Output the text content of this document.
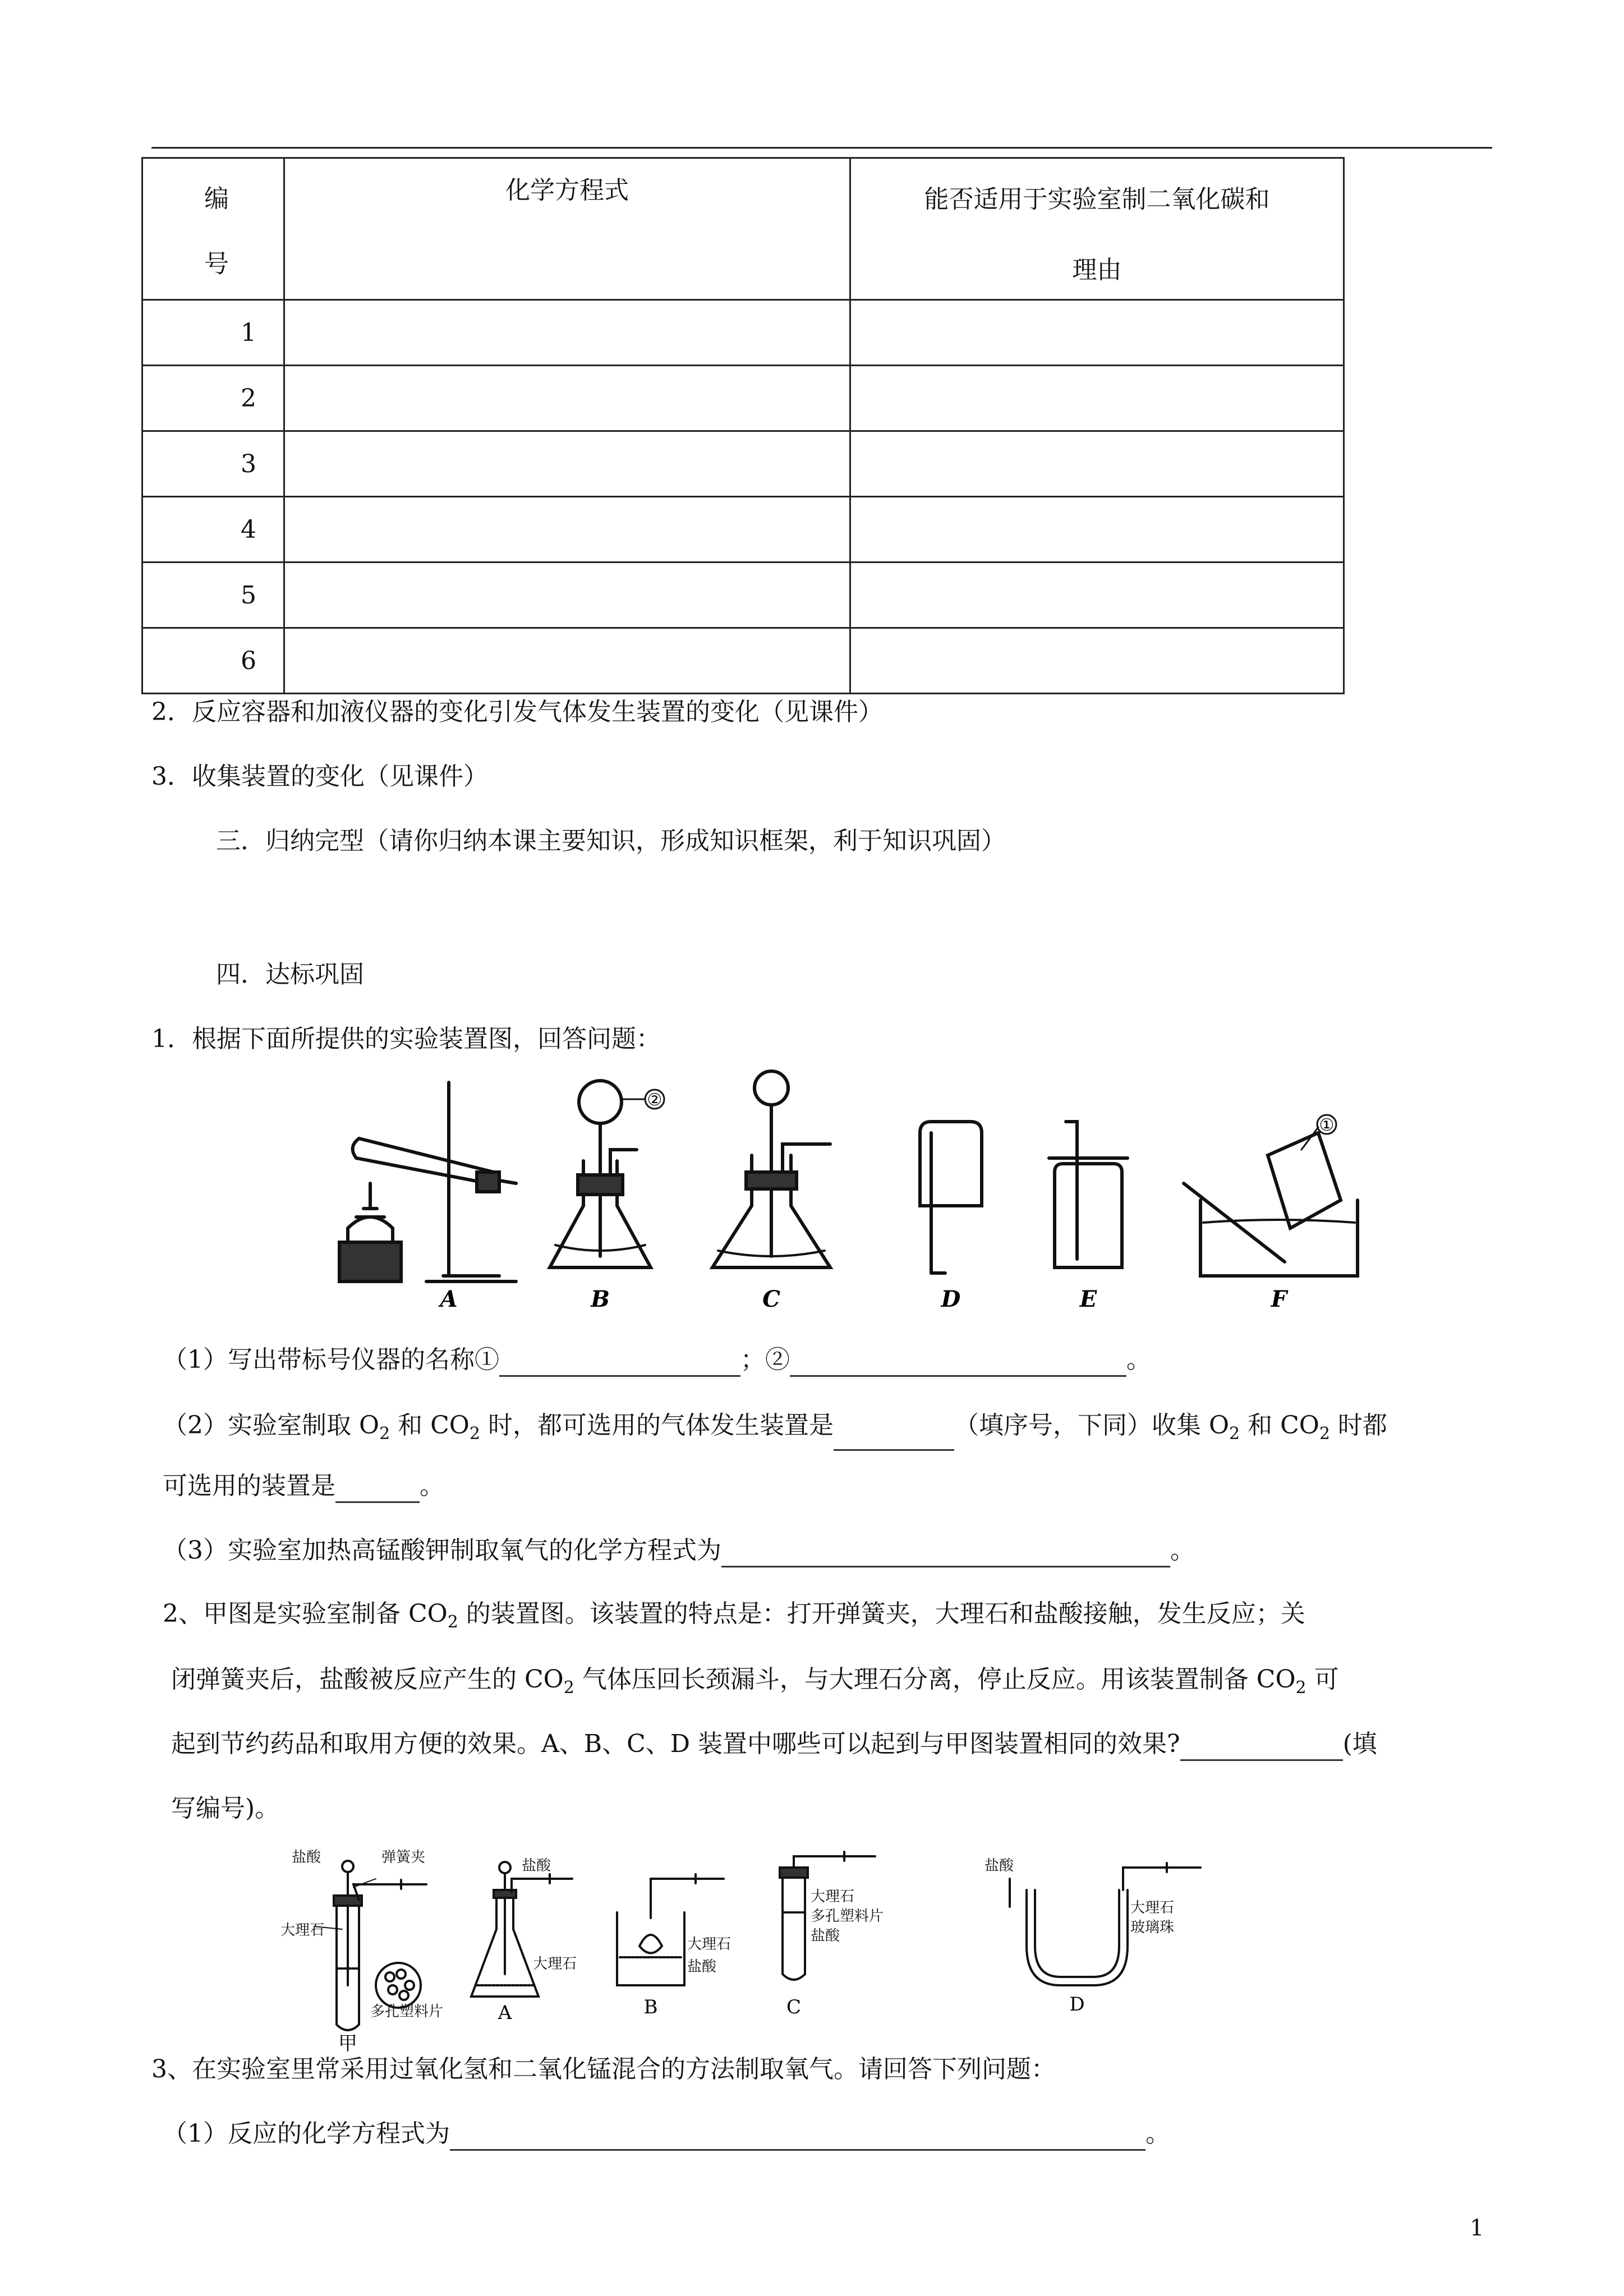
编
号	化学方程式	能否适用于实验室制二氧化碳和
理由

1		
2		
3		
4		
5		
6		
2．反应容器和加液仪器的变化引发气体发生装置的变化（见课件）
3．收集装置的变化（见课件）
三．归纳完型（请你归纳本课主要知识，形成知识框架，利于知识巩固）
四．达标巩固
1．根据下面所提供的实验装置图，回答问题：
①
②
A	B	C	D	E	F
（1）写出带标号仪器的名称①	；②	。
（2）实验室制取 $O_2$ 和 $CO_2$ 时，都可选用的气体发生装置是	（填序号，下同）收集 $O_2$ 和 $CO_2$ 时都
可选用的装置是	。
（3）实验室加热高锰酸钾制取氧气的化学方程式为	。
2、甲图是实验室制备 $CO_2$ 的装置图。该装置的特点是：打开弹簧夹，大理石和盐酸接触，发生反应；关
闭弹簧夹后，盐酸被反应产生的 $CO_2$ 气体压回长颈漏斗，与大理石分离，停止反应。用该装置制备 $CO_2$ 可
起到节约药品和取用方便的效果。A、B、C、D 装置中哪些可以起到与甲图装置相同的效果?	(填
写编号)。
盐酸	弹簧夹
大理石
多孔塑料片
盐酸
大理石
大理石
盐酸
大理石
多孔塑料片
盐酸
盐酸
大理石
玻璃珠
甲
A	B	C	D
3、在实验室里常采用过氧化氢和二氧化锰混合的方法制取氧气。请回答下列问题：
（1）反应的化学方程式为	。
1
